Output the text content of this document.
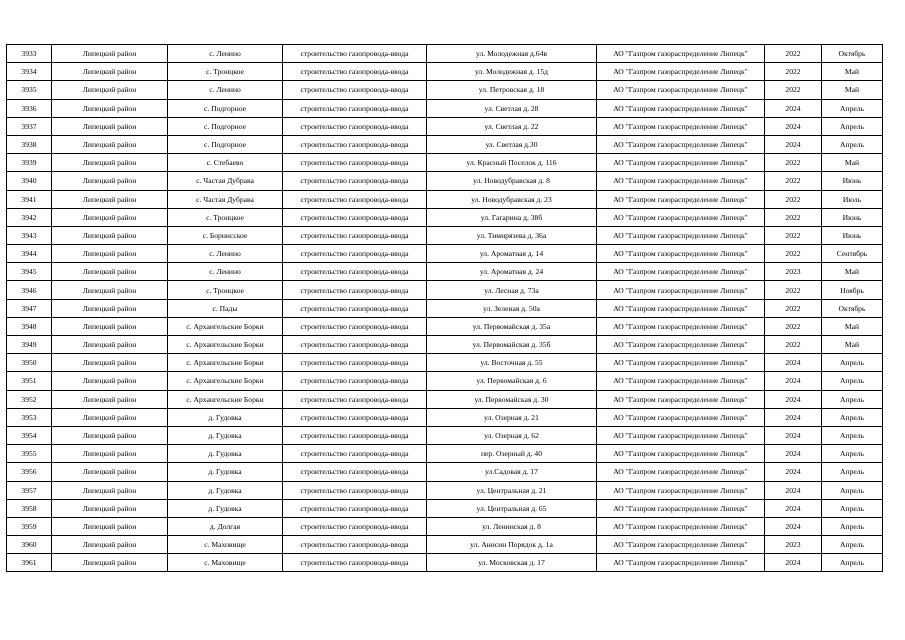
3933	Липецкий район	с. Ленино	строительство газопровода-ввода	ул. Молодежная д.64в	АО "Газпром газораспределение Липецк"	2022	Октябрь
3934	Липецкий район	с. Троицкое	строительство газопровода-ввода	ул. Молодежная д. 15д	АО "Газпром газораспределение Липецк"	2022	Май
3935	Липецкий район	с. Ленино	строительство газопровода-ввода	ул. Петровская д. 18	АО "Газпром газораспределение Липецк"	2022	Май
3936	Липецкий район	с. Подгорное	строительство газопровода-ввода	ул. Светлая д. 28	АО "Газпром газораспределение Липецк"	2024	Апрель
3937	Липецкий район	с. Подгорное	строительство газопровода-ввода	ул. Светлая д. 22	АО "Газпром газораспределение Липецк"	2024	Апрель
3938	Липецкий район	с. Подгорное	строительство газопровода-ввода	ул. Светлая д.30	АО "Газпром газораспределение Липецк"	2024	Апрель
3939	Липецкий район	с. Стебаево	строительство газопровода-ввода	ул. Красный Поселок д. 116	АО "Газпром газораспределение Липецк"	2022	Май
3940	Липецкий район	с. Частая Дубрава	строительство газопровода-ввода	ул. Новодубравская д. 8	АО "Газпром газораспределение Липецк"	2022	Июнь
3941	Липецкий район	с. Частая Дубрава	строительство газопровода-ввода	ул. Новодубравская д. 23	АО "Газпром газораспределение Липецк"	2022	Июль
3942	Липецкий район	с. Троицкое	строительство газопровода-ввода	ул. Гагарина д. 38б	АО "Газпром газораспределение Липецк"	2022	Июнь
3943	Липецкий район	с. Борнисское	строительство газопровода-ввода	ул. Тимирязева д. 36а	АО "Газпром газораспределение Липецк"	2022	Июнь
3944	Липецкий район	с. Ленино	строительство газопровода-ввода	ул. Ароматная д. 14	АО "Газпром газораспределение Липецк"	2022	Сентябрь
3945	Липецкий район	с. Ленино	строительство газопровода-ввода	ул. Ароматная д. 24	АО "Газпром газораспределение Липецк"	2023	Май
3946	Липецкий район	с. Троицкое	строительство газопровода-ввода	ул. Лесная д. 73а	АО "Газпром газораспределение Липецк"	2022	Ноябрь
3947	Липецкий район	с. Пады	строительство газопровода-ввода	ул. Зеленая д. 50а	АО "Газпром газораспределение Липецк"	2022	Октябрь
3948	Липецкий район	с. Архангельские Борки	строительство газопровода-ввода	ул. Первомайская д. 35а	АО "Газпром газораспределение Липецк"	2022	Май
3949	Липецкий район	с. Архангельские Борки	строительство газопровода-ввода	ул. Первомайская д. 35б	АО "Газпром газораспределение Липецк"	2022	Май
3950	Липецкий район	с. Архангельские Борки	строительство газопровода-ввода	ул. Восточная д. 55	АО "Газпром газораспределение Липецк"	2024	Апрель
3951	Липецкий район	с. Архангельские Борки	строительство газопровода-ввода	ул. Первомайская д. 6	АО "Газпром газораспределение Липецк"	2024	Апрель
3952	Липецкий район	с. Архангельские Борки	строительство газопровода-ввода	ул. Первомайская д. 30	АО "Газпром газораспределение Липецк"	2024	Апрель
3953	Липецкий район	д. Гудовка	строительство газопровода-ввода	ул. Озерная д. 21	АО "Газпром газораспределение Липецк"	2024	Апрель
3954	Липецкий район	д. Гудовка	строительство газопровода-ввода	ул. Озерная д. 62	АО "Газпром газораспределение Липецк"	2024	Апрель
3955	Липецкий район	д. Гудовка	строительство газопровода-ввода	пер. Озерный д. 40	АО "Газпром газораспределение Липецк"	2024	Апрель
3956	Липецкий район	д. Гудовка	строительство газопровода-ввода	ул.Садовая д. 17	АО "Газпром газораспределение Липецк"	2024	Апрель
3957	Липецкий район	д. Гудовка	строительство газопровода-ввода	ул. Центральная д. 21	АО "Газпром газораспределение Липецк"	2024	Апрель
3958	Липецкий район	д. Гудовка	строительство газопровода-ввода	ул. Центральная д. 65	АО "Газпром газораспределение Липецк"	2024	Апрель
3959	Липецкий район	д. Долгая	строительство газопровода-ввода	ул. Ленинская д. 8	АО "Газпром газораспределение Липецк"	2024	Апрель
3960	Липецкий район	с. Маховище	строительство газопровода-ввода	ул. Анисин Порядок д. 1а	АО "Газпром газораспределение Липецк"	2023	Апрель
3961	Липецкий район	с. Маховище	строительство газопровода-ввода	ул. Московская д. 17	АО "Газпром газораспределение Липецк"	2024	Апрель
